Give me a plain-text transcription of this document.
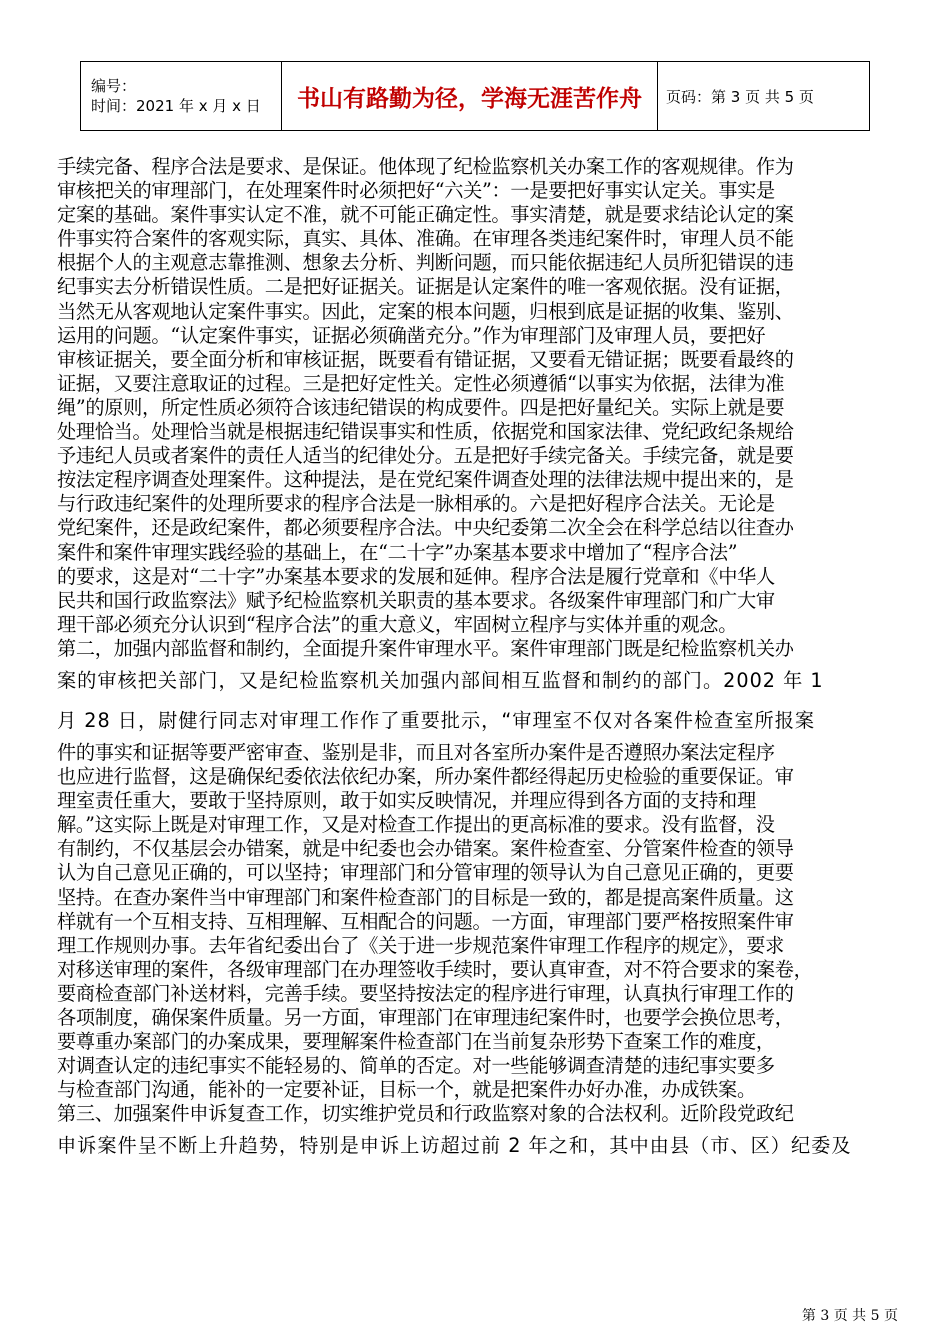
编号：
时间：2021 年 x 月 x 日	书山有路勤为径，学海无涯苦作舟	页码：第 3 页 共 5 页
手续完备、程序合法是要求、是保证。他体现了纪检监察机关办案工作的客观规律。作为
审核把关的审理部门，在处理案件时必须把好“六关”：一是要把好事实认定关。事实是
定案的基础。案件事实认定不准，就不可能正确定性。事实清楚，就是要求结论认定的案
件事实符合案件的客观实际，真实、具体、准确。在审理各类违纪案件时，审理人员不能
根据个人的主观意志靠推测、想象去分析、判断问题，而只能依据违纪人员所犯错误的违
纪事实去分析错误性质。二是把好证据关。证据是认定案件的唯一客观依据。没有证据，
当然无从客观地认定案件事实。因此，定案的根本问题，归根到底是证据的收集、鉴别、
运用的问题。“认定案件事实，证据必须确凿充分。”作为审理部门及审理人员，要把好
审核证据关，要全面分析和审核证据，既要看有错证据，又要看无错证据；既要看最终的
证据，又要注意取证的过程。三是把好定性关。定性必须遵循“以事实为依据，法律为准
绳”的原则，所定性质必须符合该违纪错误的构成要件。四是把好量纪关。实际上就是要
处理恰当。处理恰当就是根据违纪错误事实和性质，依据党和国家法律、党纪政纪条规给
予违纪人员或者案件的责任人适当的纪律处分。五是把好手续完备关。手续完备，就是要
按法定程序调查处理案件。这种提法，是在党纪案件调查处理的法律法规中提出来的，是
与行政违纪案件的处理所要求的程序合法是一脉相承的。六是把好程序合法关。无论是
党纪案件，还是政纪案件，都必须要程序合法。中央纪委第二次全会在科学总结以往查办
案件和案件审理实践经验的基础上，在“二十字”办案基本要求中增加了“程序合法”
的要求，这是对“二十字”办案基本要求的发展和延伸。程序合法是履行党章和《中华人
民共和国行政监察法》赋予纪检监察机关职责的基本要求。各级案件审理部门和广大审
理干部必须充分认识到“程序合法”的重大意义，牢固树立程序与实体并重的观念。
第二，加强内部监督和制约，全面提升案件审理水平。案件审理部门既是纪检监察机关办
案的审核把关部门，又是纪检监察机关加强内部间相互监督和制约的部门。2002 年 1
月 28 日，尉健行同志对审理工作作了重要批示，“审理室不仅对各案件检查室所报案
件的事实和证据等要严密审查、鉴别是非，而且对各室所办案件是否遵照办案法定程序
也应进行监督，这是确保纪委依法依纪办案，所办案件都经得起历史检验的重要保证。审
理室责任重大，要敢于坚持原则，敢于如实反映情况，并理应得到各方面的支持和理
解。”这实际上既是对审理工作，又是对检查工作提出的更高标准的要求。没有监督，没
有制约，不仅基层会办错案，就是中纪委也会办错案。案件检查室、分管案件检查的领导
认为自己意见正确的，可以坚持；审理部门和分管审理的领导认为自己意见正确的，更要
坚持。在查办案件当中审理部门和案件检查部门的目标是一致的，都是提高案件质量。这
样就有一个互相支持、互相理解、互相配合的问题。一方面，审理部门要严格按照案件审
理工作规则办事。去年省纪委出台了《关于进一步规范案件审理工作程序的规定》，要求
对移送审理的案件，各级审理部门在办理签收手续时，要认真审查，对不符合要求的案卷，
要商检查部门补送材料，完善手续。要坚持按法定的程序进行审理，认真执行审理工作的
各项制度，确保案件质量。另一方面，审理部门在审理违纪案件时，也要学会换位思考，
要尊重办案部门的办案成果，要理解案件检查部门在当前复杂形势下查案工作的难度，
对调查认定的违纪事实不能轻易的、简单的否定。对一些能够调查清楚的违纪事实要多
与检查部门沟通，能补的一定要补证，目标一个，就是把案件办好办准，办成铁案。
第三、加强案件申诉复查工作，切实维护党员和行政监察对象的合法权利。近阶段党政纪
申诉案件呈不断上升趋势，特别是申诉上访超过前 2 年之和，其中由县（市、区）纪委及
第 3 页 共 5 页
